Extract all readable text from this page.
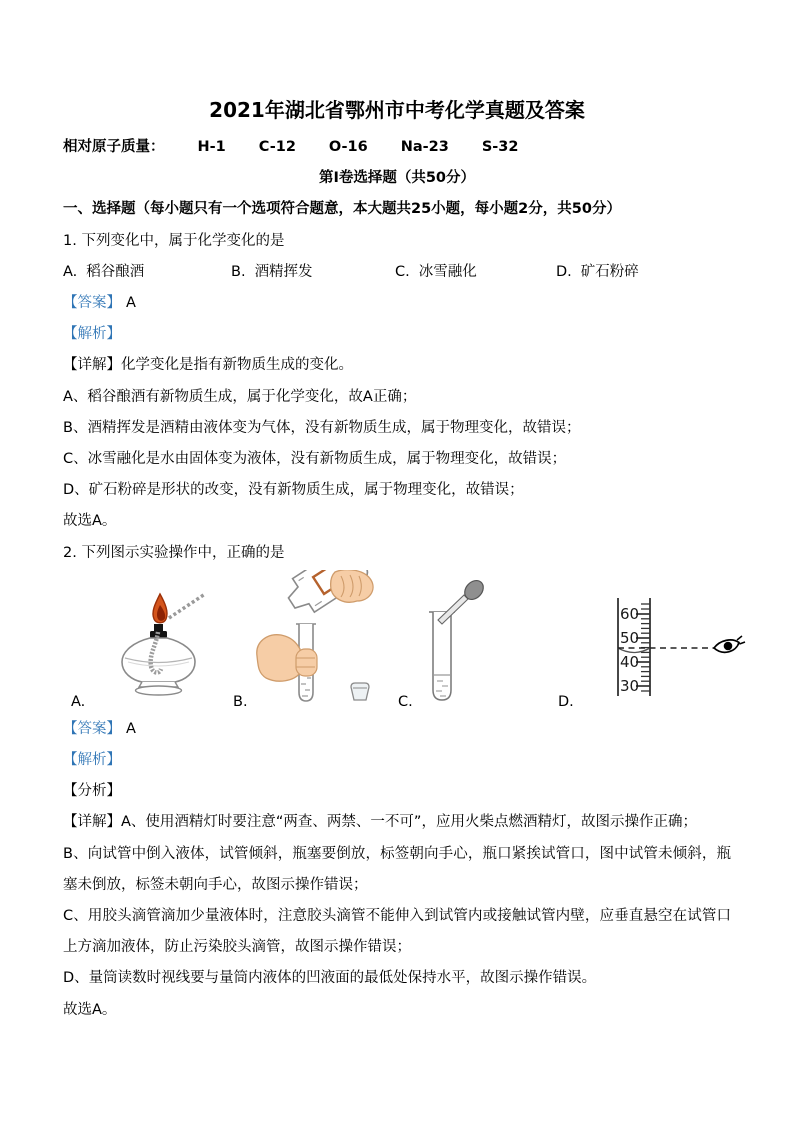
2021年湖北省鄂州市中考化学真题及答案

相对原子质量： H-1 C-12 O-16 Na-23 S-32

第Ⅰ卷选择题（共50分）

一、选择题（每小题只有一个选项符合题意，本大题共25小题，每小题2分，共50分）

1. 下列变化中，属于化学变化的是

A. 稻谷酿酒	B. 酒精挥发	C. 冰雪融化	D. 矿石粉碎

【答案】 A

【解析】

【详解】化学变化是指有新物质生成的变化。

A、稻谷酿酒有新物质生成，属于化学变化，故A正确；

B、酒精挥发是酒精由液体变为气体，没有新物质生成，属于物理变化，故错误；

C、冰雪融化是水由固体变为液体，没有新物质生成，属于物理变化，故错误；

D、矿石粉碎是形状的改变，没有新物质生成，属于物理变化，故错误；

故选A。

2. 下列图示实验操作中，正确的是

A.	B.	C.
60
50
40
30
D.

【答案】 A

【解析】

【分析】

【详解】A、使用酒精灯时要注意“两查、两禁、一不可”，应用火柴点燃酒精灯，故图示操作正确；

B、向试管中倒入液体，试管倾斜，瓶塞要倒放，标签朝向手心，瓶口紧挨试管口，图中试管未倾斜，瓶塞未倒放，标签未朝向手心，故图示操作错误；

C、用胶头滴管滴加少量液体时，注意胶头滴管不能伸入到试管内或接触试管内壁，应垂直悬空在试管口上方滴加液体，防止污染胶头滴管，故图示操作错误；

D、量筒读数时视线要与量筒内液体的凹液面的最低处保持水平，故图示操作错误。

故选A。
